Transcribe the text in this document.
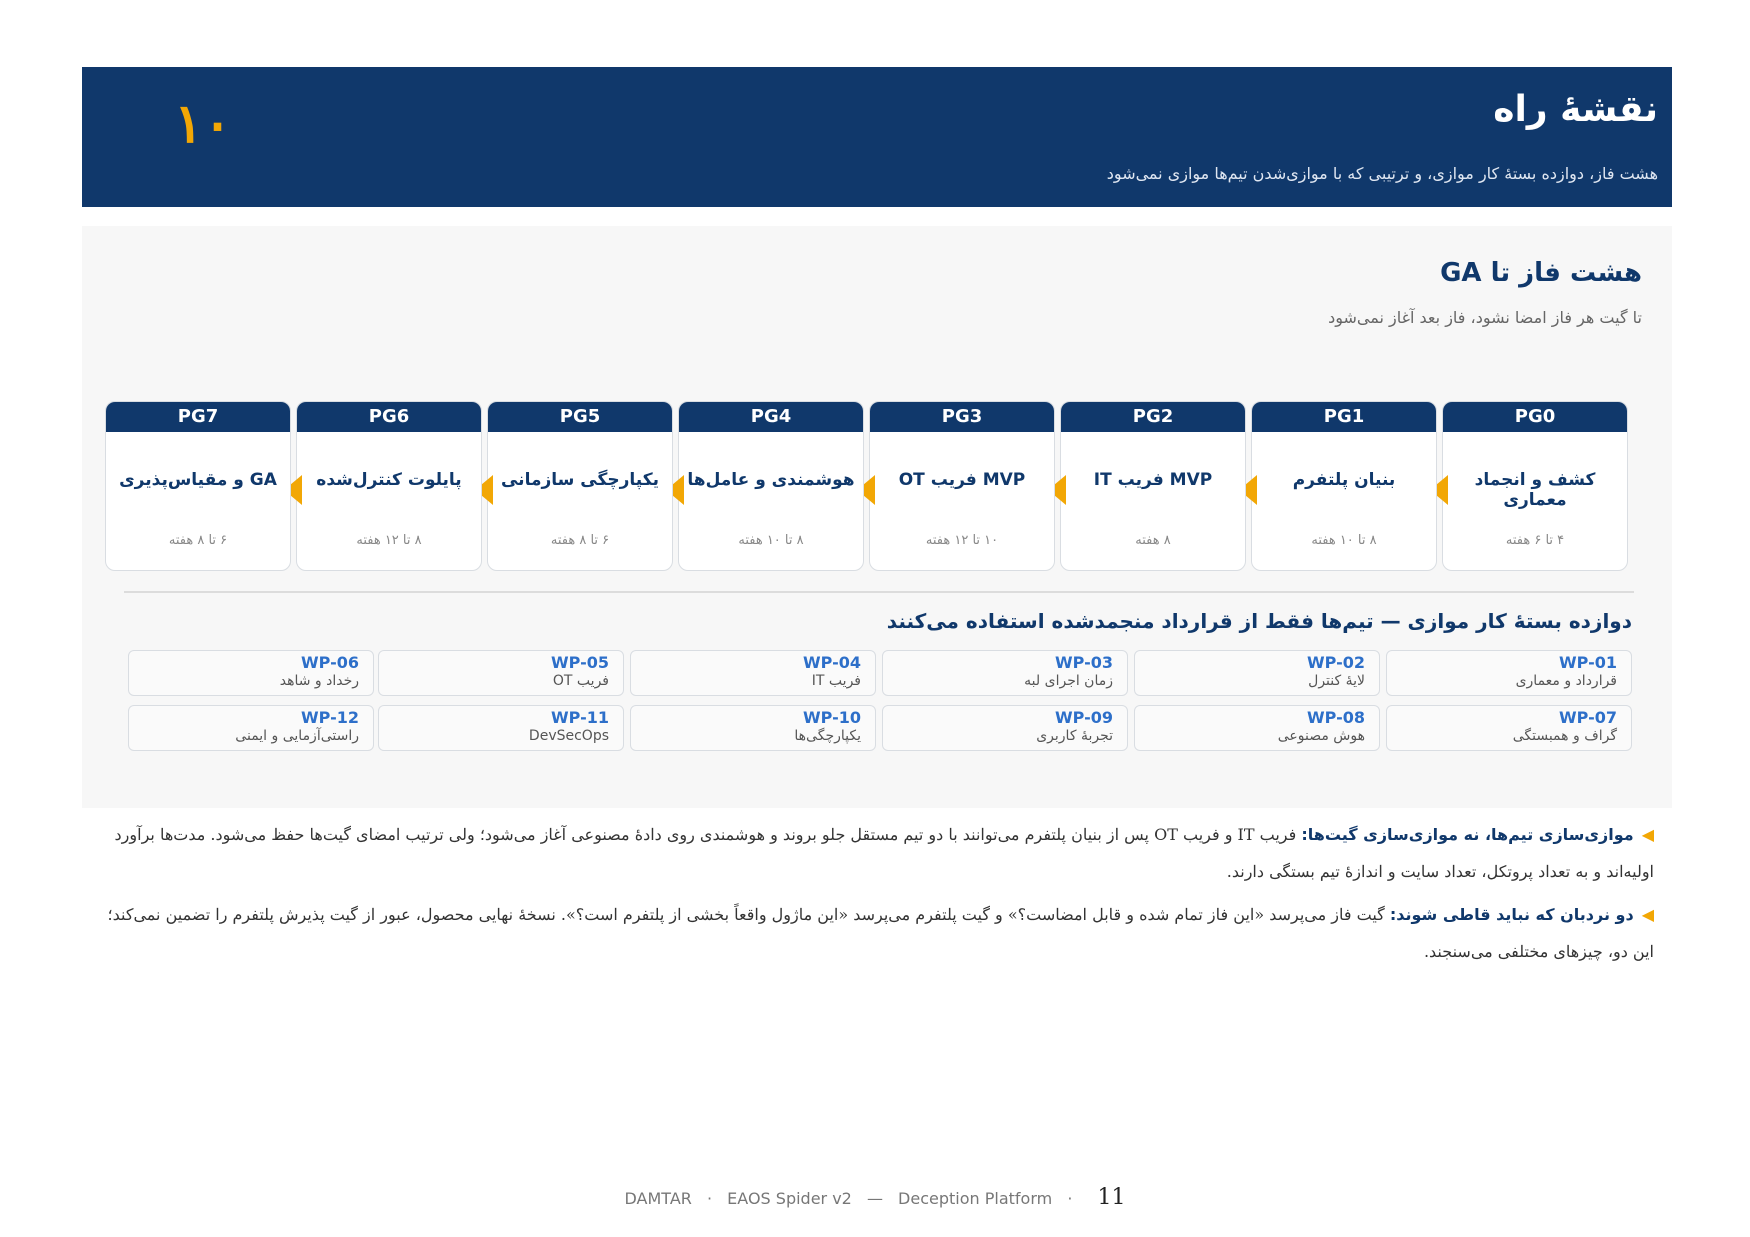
نقشهٔ راه
هشت فاز، دوازده بستهٔ کار موازی، و ترتیبی که با موازی‌شدن تیم‌ها موازی نمی‌شود
۱۰
هشت فاز تا GA
تا گیت هر فاز امضا نشود، فاز بعد آغاز نمی‌شود
PG0
کشف و انجماد معماری
۴ تا ۶ هفته
PG1
بنیان پلتفرم
۸ تا ۱۰ هفته
PG2
MVP فریب IT
۸ هفته
PG3
MVP فریب OT
۱۰ تا ۱۲ هفته
PG4
هوشمندی و عامل‌ها
۸ تا ۱۰ هفته
PG5
یکپارچگی سازمانی
۶ تا ۸ هفته
PG6
پایلوت کنترل‌شده
۸ تا ۱۲ هفته
PG7
GA و مقیاس‌پذیری
۶ تا ۸ هفته
دوازده بستهٔ کار موازی — تیم‌ها فقط از قرارداد منجمدشده استفاده می‌کنند
WP-01
قرارداد و معماری
WP-02
لایهٔ کنترل
WP-03
زمان اجرای لبه
WP-04
فریب IT
WP-05
فریب OT
WP-06
رخداد و شاهد
WP-07
گراف و همبستگی
WP-08
هوش مصنوعی
WP-09
تجربهٔ کاربری
WP-10
یکپارچگی‌ها
WP-11
DevSecOps
WP-12
راستی‌آزمایی و ایمنی

◀موازی‌سازی تیم‌ها، نه موازی‌سازی گیت‌ها: فریب IT و فریب OT پس از بنیان پلتفرم می‌توانند با دو تیم مستقل جلو بروند و هوشمندی روی دادهٔ مصنوعی آغاز می‌شود؛ ولی ترتیب امضای گیت‌ها حفظ می‌شود. مدت‌ها برآورد اولیه‌اند و به تعداد پروتکل، تعداد سایت و اندازهٔ تیم بستگی دارند.

◀دو نردبان که نباید قاطی شوند: گیت فاز می‌پرسد «این فاز تمام شده و قابل امضاست؟» و گیت پلتفرم می‌پرسد «این ماژول واقعاً بخشی از پلتفرم است؟». نسخهٔ نهایی محصول، عبور از گیت پذیرش پلتفرم را تضمین نمی‌کند؛ این دو، چیزهای مختلفی می‌سنجند.

DAMTAR · EAOS Spider v2 — Deception Platform · 11
